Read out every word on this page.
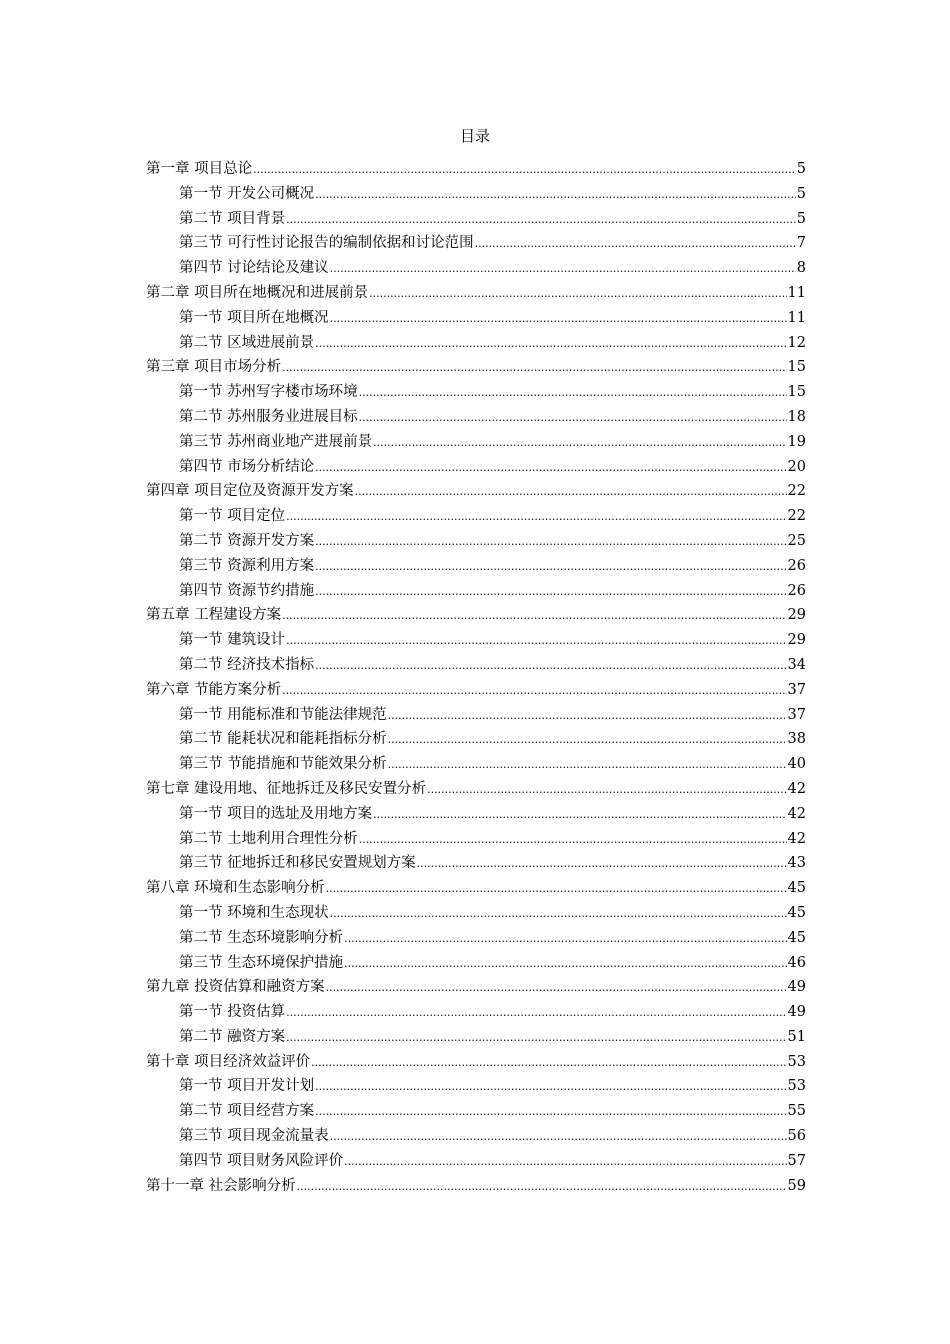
目录
第一章 项目总论 .....	5
第一节 开发公司概况 .....	5
第二节 项目背景 .....	5
第三节 可行性讨论报告的编制依据和讨论范围 .....	7
第四节 讨论结论及建议 .....	8
第二章 项目所在地概况和进展前景 .....	11
第一节 项目所在地概况 .....	11
第二节 区域进展前景 .....	12
第三章 项目市场分析 .....	15
第一节 苏州写字楼市场环境 .....	15
第二节 苏州服务业进展目标 .....	18
第三节 苏州商业地产进展前景 .....	19
第四节 市场分析结论 .....	20
第四章 项目定位及资源开发方案 .....	22
第一节 项目定位 .....	22
第二节 资源开发方案 .....	25
第三节 资源利用方案 .....	26
第四节 资源节约措施 .....	26
第五章 工程建设方案 .....	29
第一节 建筑设计 .....	29
第二节 经济技术指标 .....	34
第六章 节能方案分析 .....	37
第一节 用能标准和节能法律规范 .....	37
第二节 能耗状况和能耗指标分析 .....	38
第三节 节能措施和节能效果分析 .....	40
第七章 建设用地、征地拆迁及移民安置分析 .....	42
第一节 项目的选址及用地方案 .....	42
第二节 土地利用合理性分析 .....	42
第三节 征地拆迁和移民安置规划方案 .....	43
第八章 环境和生态影响分析 .....	45
第一节 环境和生态现状 .....	45
第二节 生态环境影响分析 .....	45
第三节 生态环境保护措施 .....	46
第九章 投资估算和融资方案 .....	49
第一节 投资估算 .....	49
第二节 融资方案 .....	51
第十章 项目经济效益评价 .....	53
第一节 项目开发计划 .....	53
第二节 项目经营方案 .....	55
第三节 项目现金流量表 .....	56
第四节 项目财务风险评价 .....	57
第十一章 社会影响分析 .....	59
